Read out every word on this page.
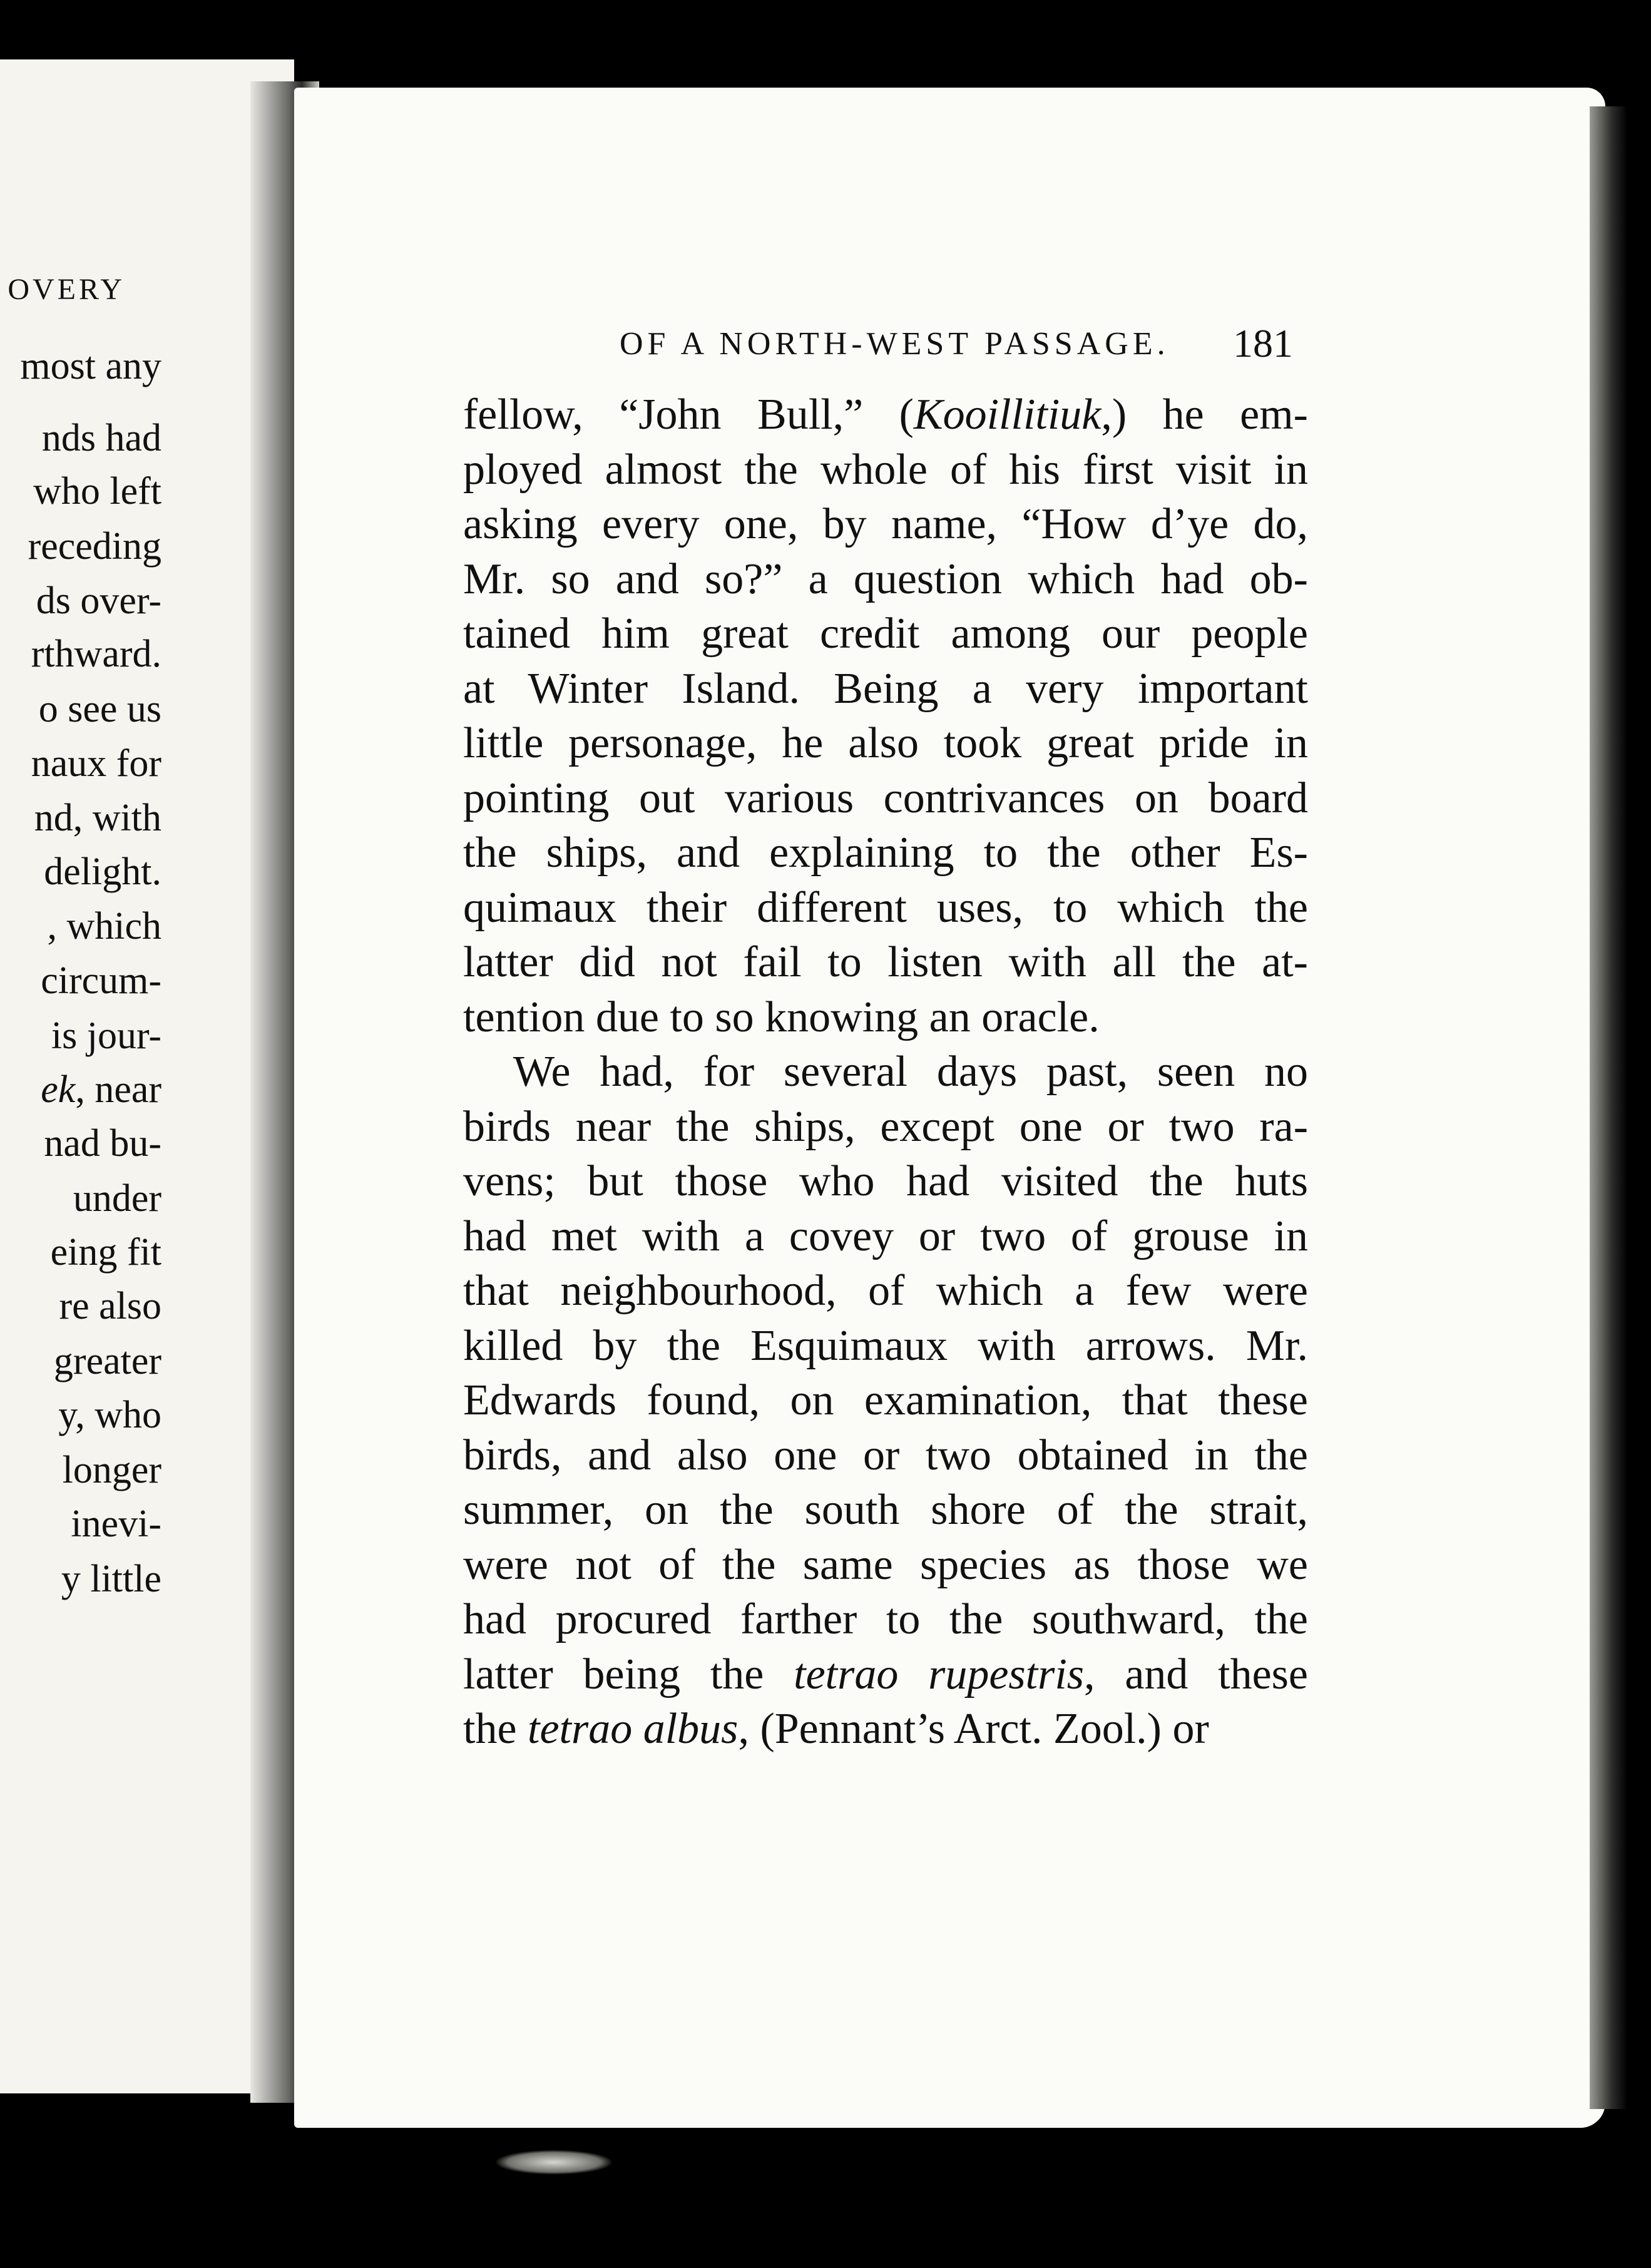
OVERY
most any
nds had
who left
receding
ds over-
rthward.
o see us
naux for
nd, with
delight.
, which
circum-
is jour-
ek, near
nad bu-
under
eing fit
re also
greater
y, who
longer
inevi-
y little
OF A NORTH-WEST PASSAGE. 181
fellow, “John Bull,” (Kooillitiuk,) he em-
ployed almost the whole of his first visit in
asking every one, by name, “How d’ye do,
Mr. so and so?” a question which had ob-
tained him great credit among our people
at Winter Island. Being a very important
little personage, he also took great pride in
pointing out various contrivances on board
the ships, and explaining to the other Es-
quimaux their different uses, to which the
latter did not fail to listen with all the at-
tention due to so knowing an oracle.
We had, for several days past, seen no
birds near the ships, except one or two ra-
vens; but those who had visited the huts
had met with a covey or two of grouse in
that neighbourhood, of which a few were
killed by the Esquimaux with arrows. Mr.
Edwards found, on examination, that these
birds, and also one or two obtained in the
summer, on the south shore of the strait,
were not of the same species as those we
had procured farther to the southward, the
latter being the tetrao rupestris, and these
the tetrao albus, (Pennant’s Arct. Zool.) or
